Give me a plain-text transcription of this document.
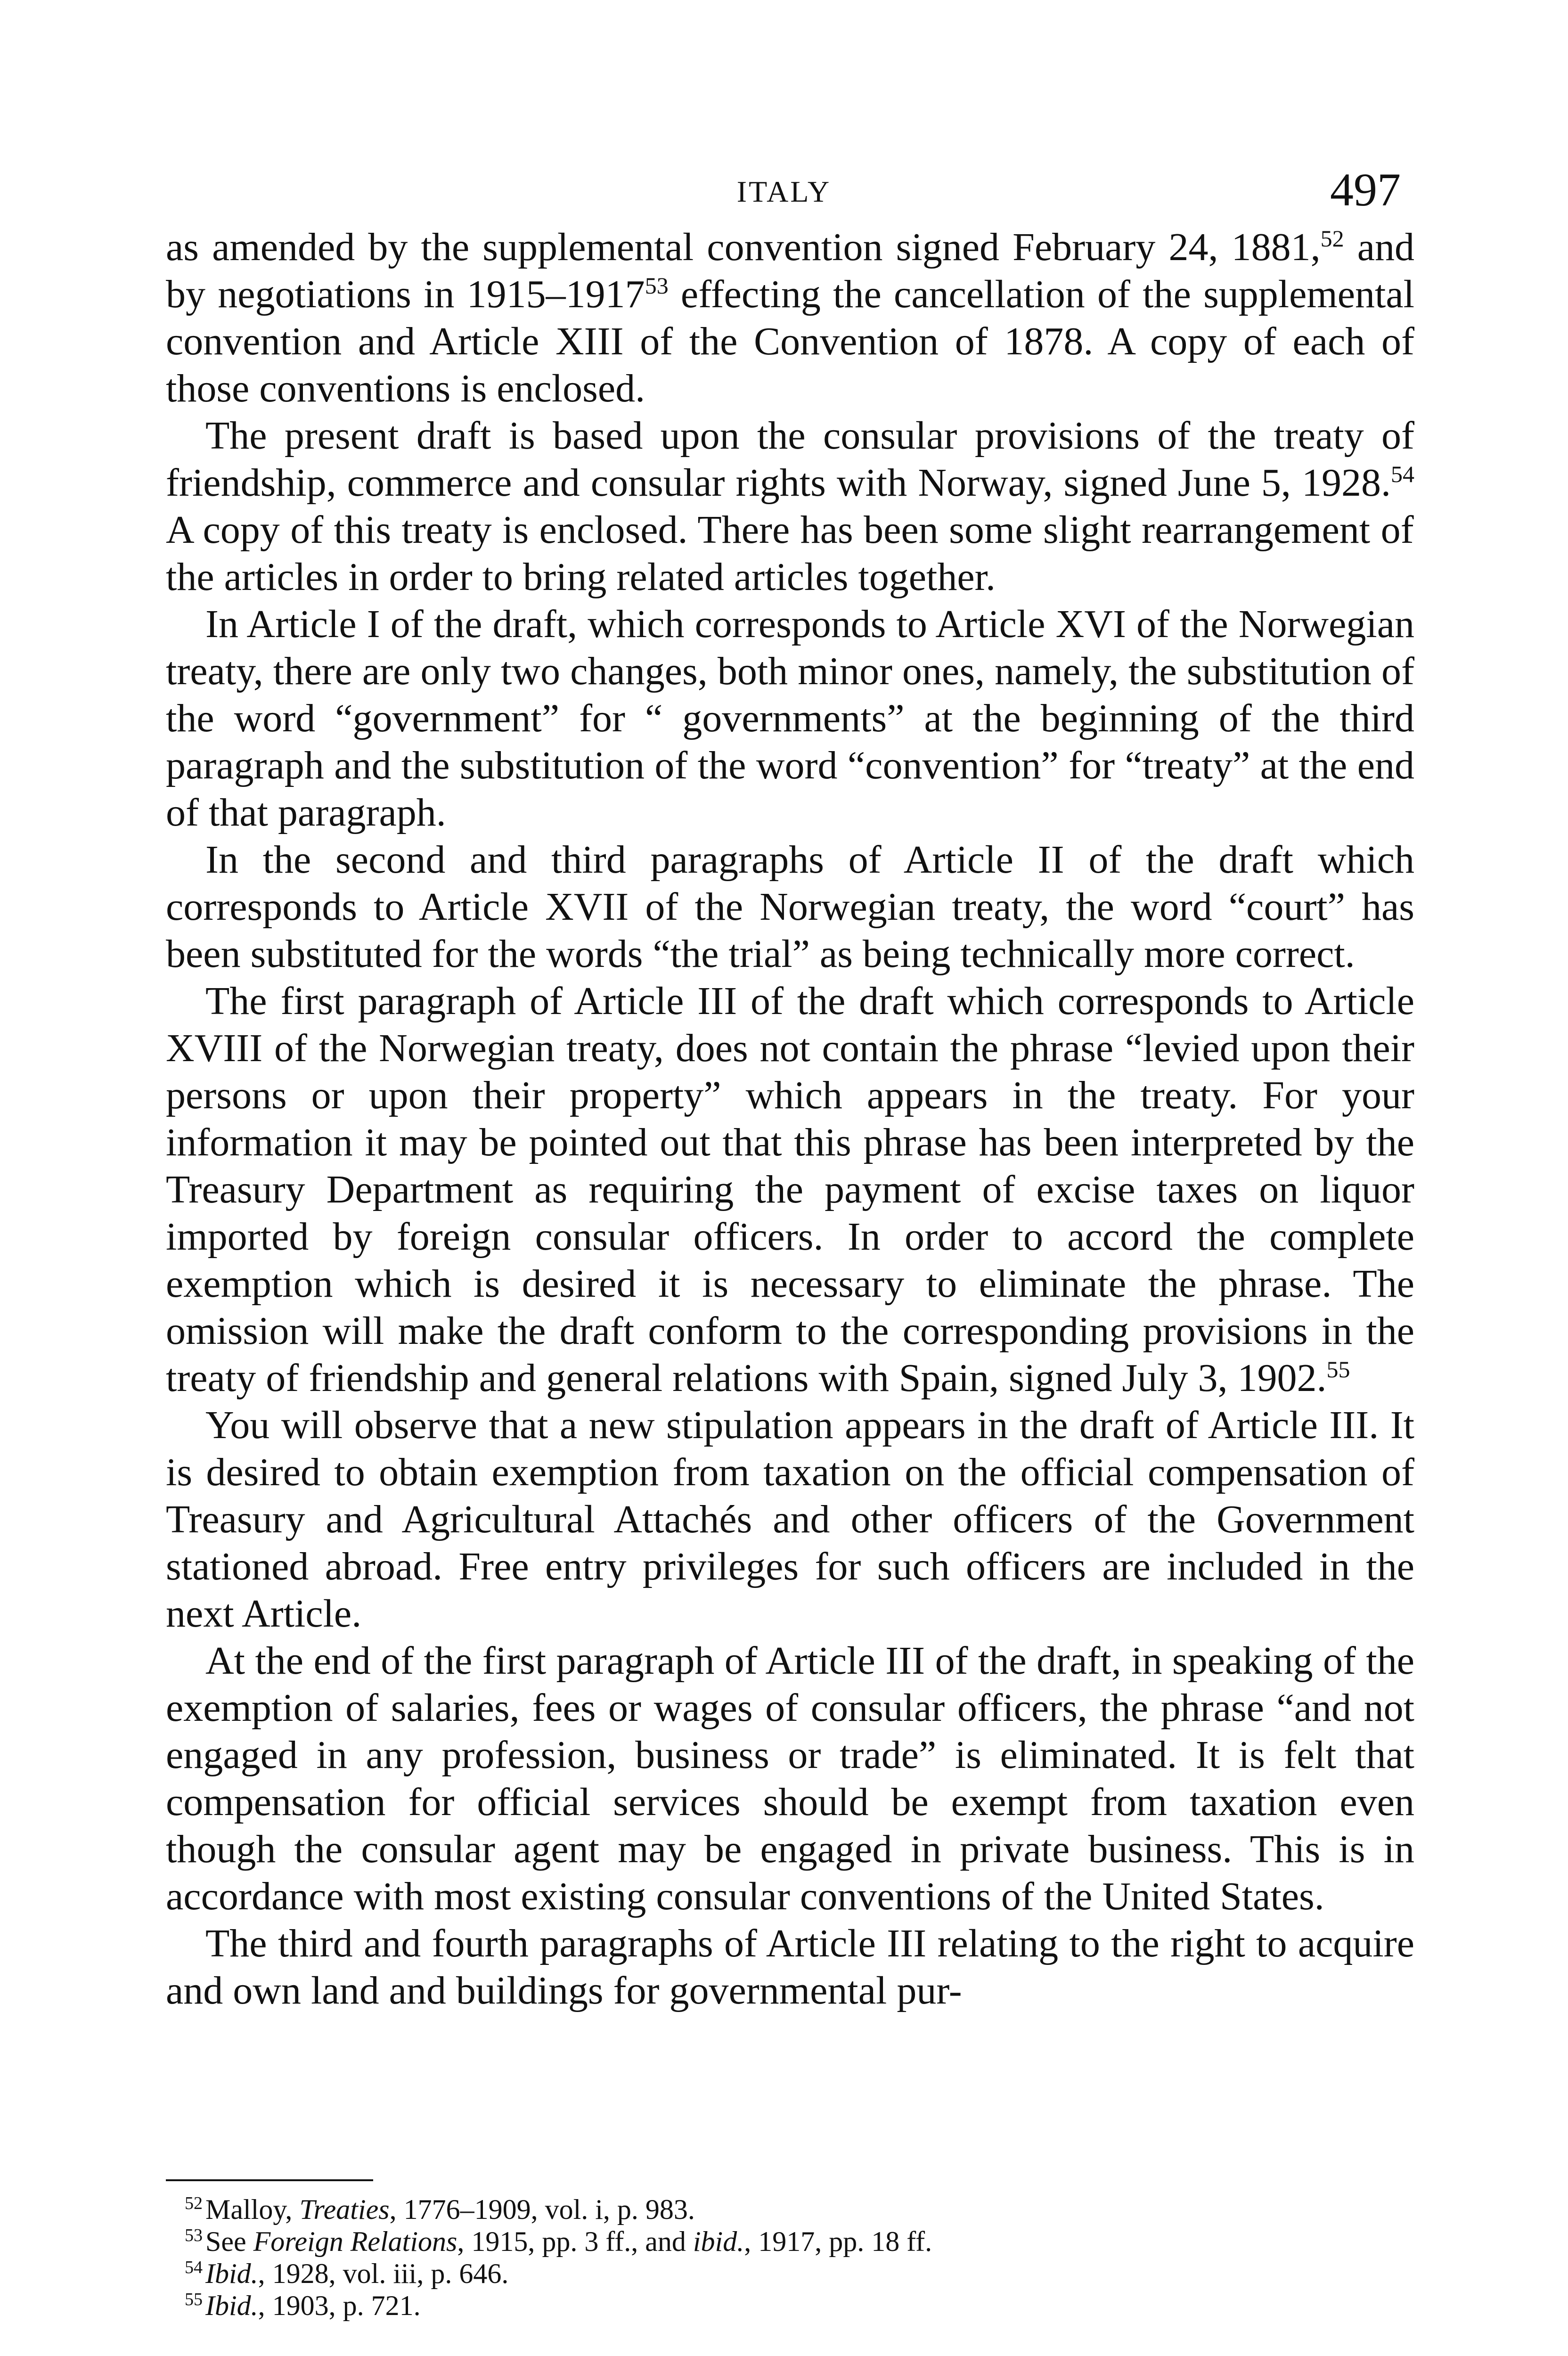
ITALY	497

as amended by the supplemental convention signed February 24, 1881,52 and by negotiations in 1915–1917$^{53}$ effecting the cancellation of the supplemental convention and Article XIII of the Convention of 1878. A copy of each of those conventions is enclosed.

The present draft is based upon the consular provisions of the treaty of friendship, commerce and consular rights with Norway, signed June 5, 1928.54 A copy of this treaty is enclosed. There has been some slight rearrangement of the articles in order to bring related articles together.

In Article I of the draft, which corresponds to Article XVI of the Norwegian treaty, there are only two changes, both minor ones, namely, the substitution of the word “government” for “ governments” at the beginning of the third paragraph and the substitution of the word “convention” for “treaty” at the end of that paragraph.

In the second and third paragraphs of Article II of the draft which corresponds to Article XVII of the Norwegian treaty, the word “court” has been substituted for the words “the trial” as being technically more correct.

The first paragraph of Article III of the draft which corresponds to Article XVIII of the Norwegian treaty, does not contain the phrase “levied upon their persons or upon their property” which appears in the treaty. For your information it may be pointed out that this phrase has been interpreted by the Treasury Department as requiring the payment of excise taxes on liquor imported by foreign consular officers. In order to accord the complete exemption which is desired it is necessary to eliminate the phrase. The omission will make the draft conform to the corresponding provisions in the treaty of friendship and general relations with Spain, signed July 3, 1902.55

You will observe that a new stipulation appears in the draft of Article III. It is desired to obtain exemption from taxation on the official compensation of Treasury and Agricultural Attachés and other officers of the Government stationed abroad. Free entry privileges for such officers are included in the next Article.

At the end of the first paragraph of Article III of the draft, in speaking of the exemption of salaries, fees or wages of consular officers, the phrase “and not engaged in any profession, business or trade” is eliminated. It is felt that compensation for official services should be exempt from taxation even though the consular agent may be engaged in private business. This is in accordance with most existing consular conventions of the United States.

The third and fourth paragraphs of Article III relating to the right to acquire and own land and buildings for governmental pur-

$^{52}$ Malloy, Treaties, 1776–1909, vol. i, p. 983.
$^{53}$ See Foreign Relations, 1915, pp. 3 ff., and ibid., 1917, pp. 18 ff.
$^{54}$ Ibid., 1928, vol. iii, p. 646.
$^{55}$ Ibid., 1903, p. 721.
